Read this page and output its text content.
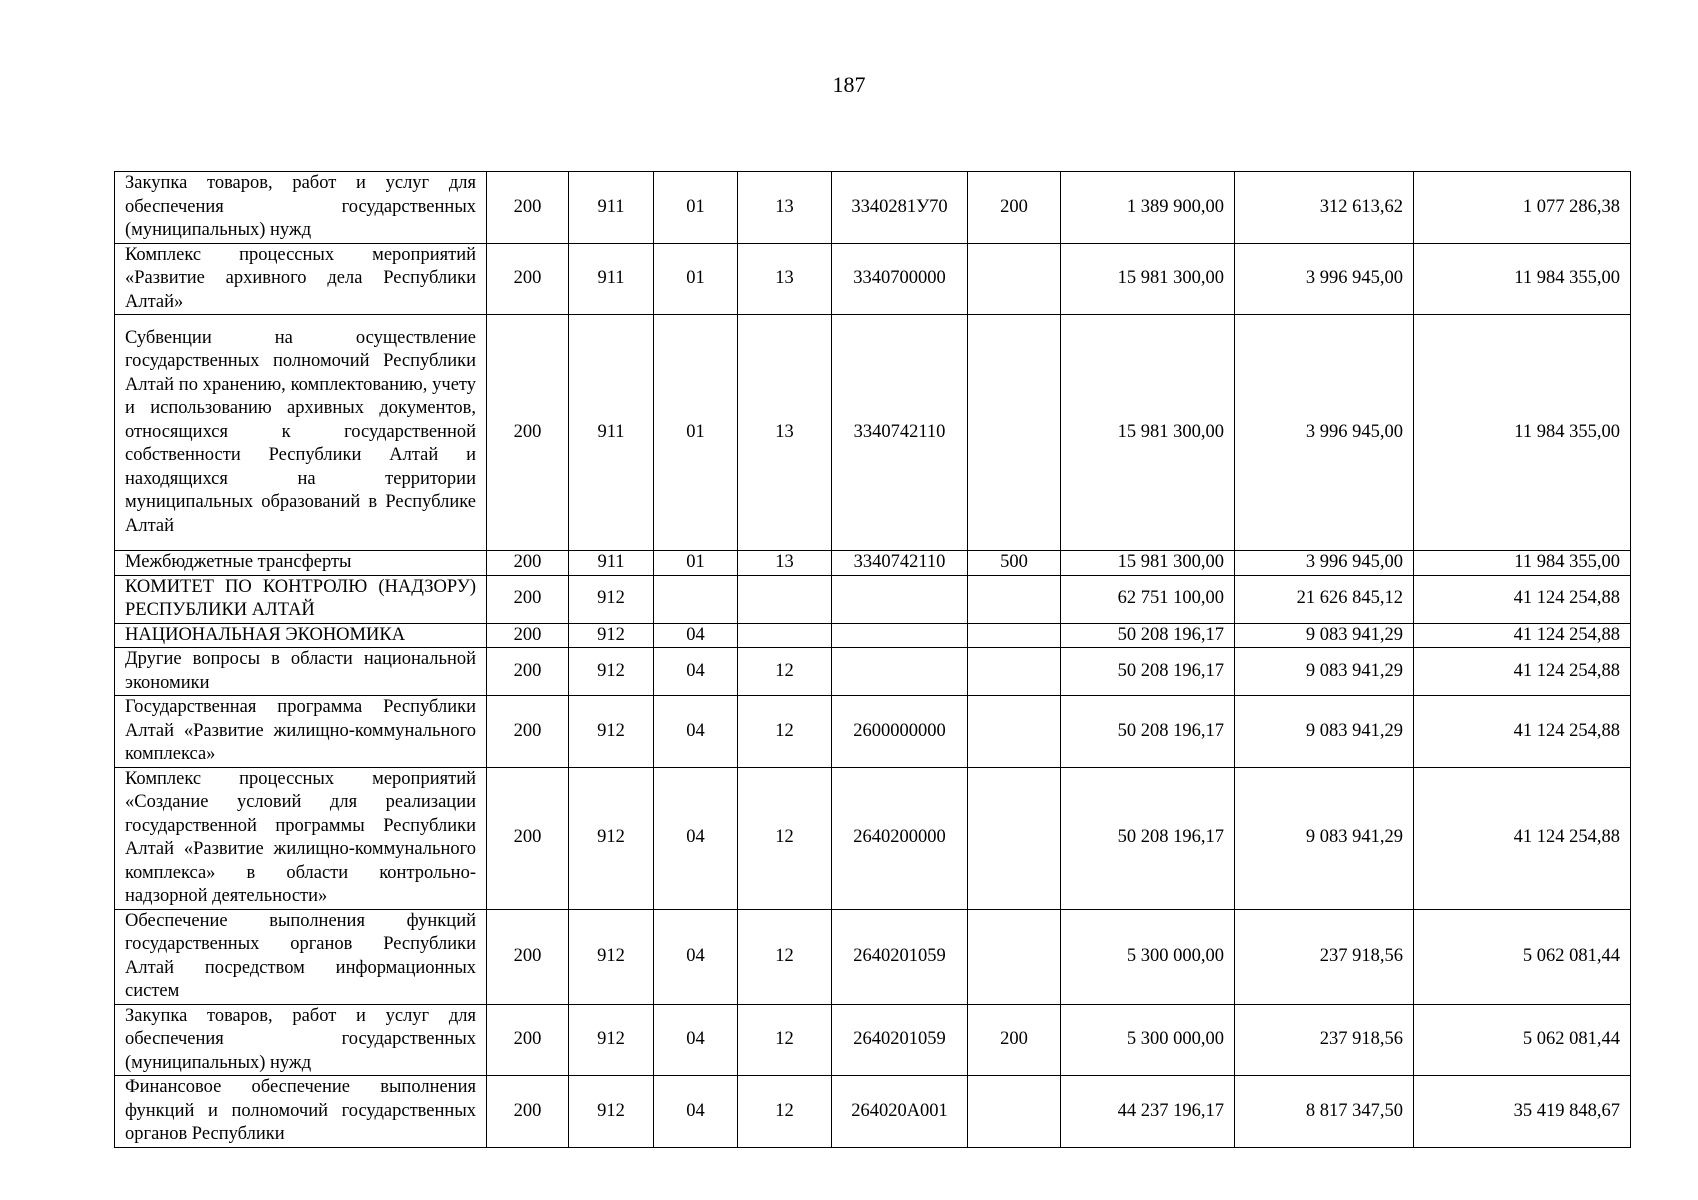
187
Закупка товаров, работ и услуг для обеспечения государственных (муниципальных) нужд	200	911	01	13	3340281У70	200	1 389 900,00	312 613,62	1 077 286,38
Комплекс процессных мероприятий «Развитие архивного дела Республики Алтай»	200	911	01	13	3340700000		15 981 300,00	3 996 945,00	11 984 355,00
Субвенции на осуществление государственных полномочий Республики Алтай по хранению, комплектованию, учету и использованию архивных документов, относящихся к государственной собственности Республики Алтай и находящихся на территории муниципальных образований в Республике Алтай	200	911	01	13	3340742110		15 981 300,00	3 996 945,00	11 984 355,00
Межбюджетные трансферты	200	911	01	13	3340742110	500	15 981 300,00	3 996 945,00	11 984 355,00
КОМИТЕТ ПО КОНТРОЛЮ (НАДЗОРУ) РЕСПУБЛИКИ АЛТАЙ	200	912					62 751 100,00	21 626 845,12	41 124 254,88
НАЦИОНАЛЬНАЯ ЭКОНОМИКА	200	912	04				50 208 196,17	9 083 941,29	41 124 254,88
Другие вопросы в области национальной экономики	200	912	04	12			50 208 196,17	9 083 941,29	41 124 254,88
Государственная программа Республики Алтай «Развитие жилищно-коммунального комплекса»	200	912	04	12	2600000000		50 208 196,17	9 083 941,29	41 124 254,88
Комплекс процессных мероприятий «Создание условий для реализации государственной программы Республики Алтай «Развитие жилищно-коммунального комплекса» в области контрольно-надзорной деятельности»	200	912	04	12	2640200000		50 208 196,17	9 083 941,29	41 124 254,88
Обеспечение выполнения функций государственных органов Республики Алтай посредством информационных систем	200	912	04	12	2640201059		5 300 000,00	237 918,56	5 062 081,44
Закупка товаров, работ и услуг для обеспечения государственных (муниципальных) нужд	200	912	04	12	2640201059	200	5 300 000,00	237 918,56	5 062 081,44
Финансовое обеспечение выполнения функций и полномочий государственных органов Республики	200	912	04	12	264020А001		44 237 196,17	8 817 347,50	35 419 848,67
